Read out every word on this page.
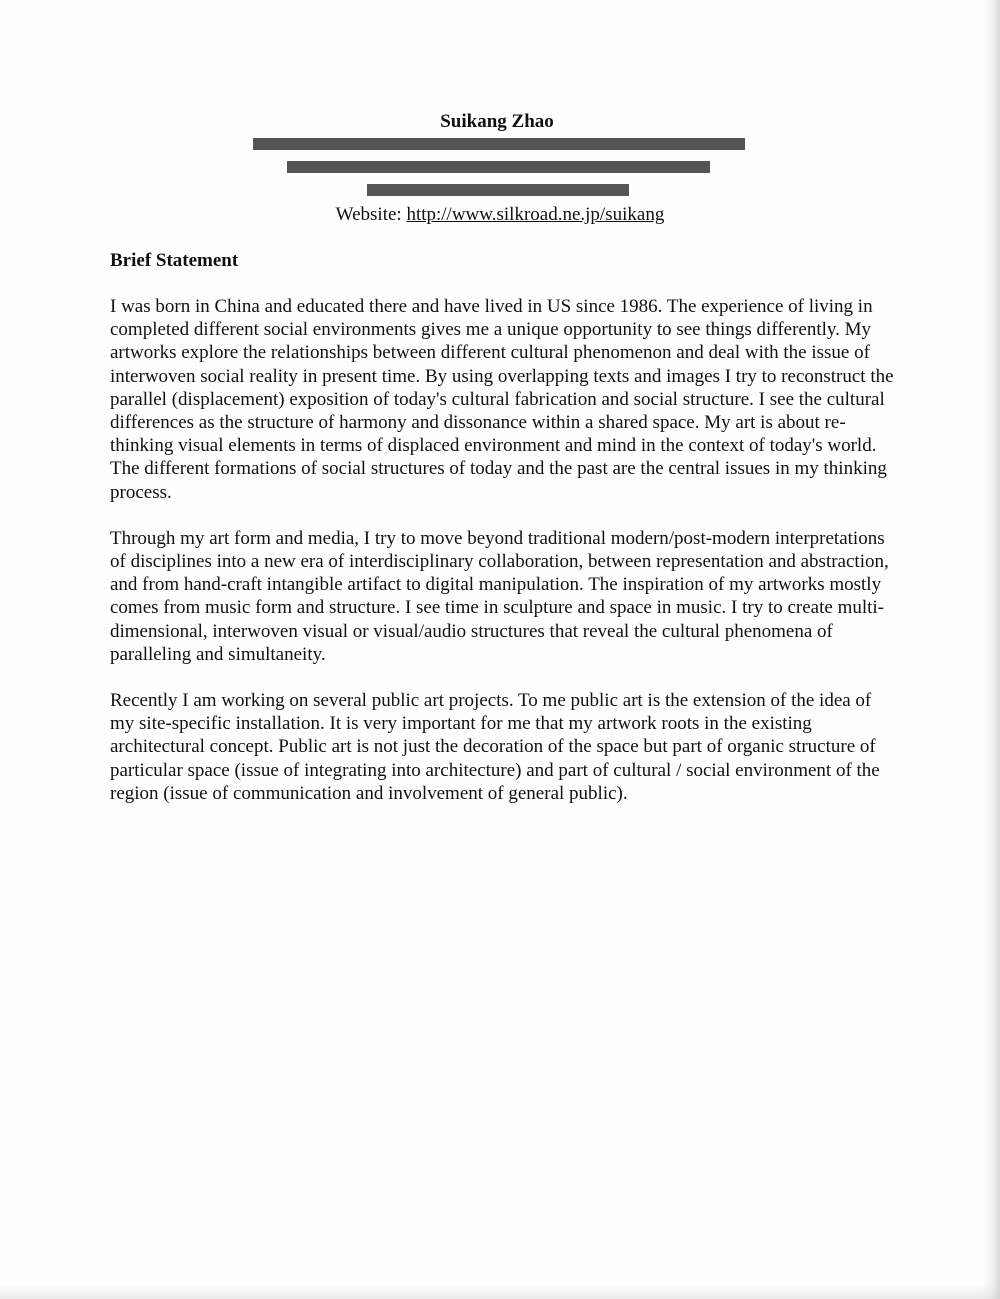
Suikang Zhao
Website: http://www.silkroad.ne.jp/suikang
Brief Statement

I was born in China and educated there and have lived in US since 1986. The experience of living in completed different social environments gives me a unique opportunity to see things differently. My artworks explore the relationships between different cultural phenomenon and deal with the issue of interwoven social reality in present time. By using overlapping texts and images I try to reconstruct the parallel (displacement) exposition of today's cultural fabrication and social structure. I see the cultural differences as the structure of harmony and dissonance within a shared space. My art is about re-thinking visual elements in terms of displaced environment and mind in the context of today's world. The different formations of social structures of today and the past are the central issues in my thinking process.

Through my art form and media, I try to move beyond traditional modern/post-modern interpretations of disciplines into a new era of interdisciplinary collaboration, between representation and abstraction, and from hand-craft intangible artifact to digital manipulation. The inspiration of my artworks mostly comes from music form and structure. I see time in sculpture and space in music. I try to create multi-dimensional, interwoven visual or visual/audio structures that reveal the cultural phenomena of paralleling and simultaneity.

Recently I am working on several public art projects. To me public art is the extension of the idea of my site-specific installation. It is very important for me that my artwork roots in the existing architectural concept. Public art is not just the decoration of the space but part of organic structure of particular space (issue of integrating into architecture) and part of cultural / social environment of the region (issue of communication and involvement of general public).
